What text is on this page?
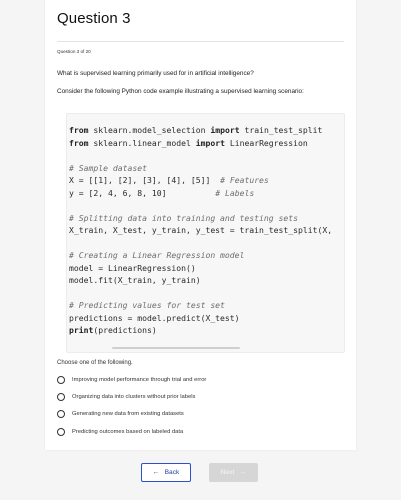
Question 3
Question 3 of 20
What is supervised learning primarily used for in artificial intelligence?
Consider the following Python code example illustrating a supervised learning scenario:
from sklearn.model_selection import train_test_split
from sklearn.linear_model import LinearRegression

# Sample dataset
X = [[1], [2], [3], [4], [5]] # Features
y = [2, 4, 6, 8, 10]	# Labels

# Splitting data into training and testing sets
X_train, X_test, y_train, y_test = train_test_split(X,

# Creating a Linear Regression model
model = LinearRegression()
model.fit(X_train, y_train)

# Predicting values for test set
predictions = model.predict(X_test)
print(predictions)
Choose one of the following.
Improving model performance through trial and error
Organizing data into clusters without prior labels
Generating new data from existing datasets
Predicting outcomes based on labeled data
← Back	Next →
